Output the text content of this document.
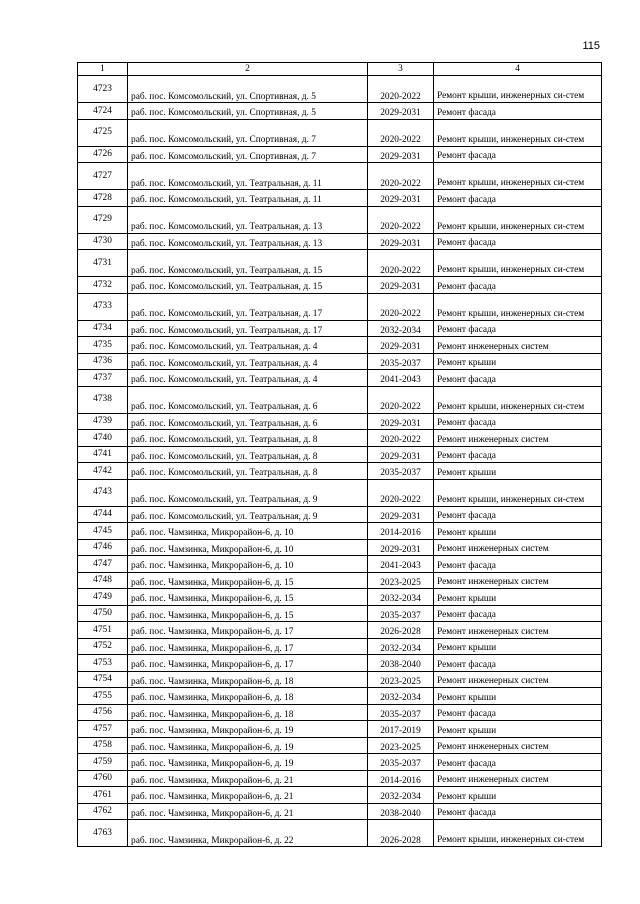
115
1	2	3	4
4723	раб. пос. Комсомольский, ул. Спортивная, д. 5	2020-2022	Ремонт крыши, инженерных си-стем
4724	раб. пос. Комсомольский, ул. Спортивная, д. 5	2029-2031	Ремонт фасада
4725	раб. пос. Комсомольский, ул. Спортивная, д. 7	2020-2022	Ремонт крыши, инженерных си-стем
4726	раб. пос. Комсомольский, ул. Спортивная, д. 7	2029-2031	Ремонт фасада
4727	раб. пос. Комсомольский, ул. Театральная, д. 11	2020-2022	Ремонт крыши, инженерных си-стем
4728	раб. пос. Комсомольский, ул. Театральная, д. 11	2029-2031	Ремонт фасада
4729	раб. пос. Комсомольский, ул. Театральная, д. 13	2020-2022	Ремонт крыши, инженерных си-стем
4730	раб. пос. Комсомольский, ул. Театральная, д. 13	2029-2031	Ремонт фасада
4731	раб. пос. Комсомольский, ул. Театральная, д. 15	2020-2022	Ремонт крыши, инженерных си-стем
4732	раб. пос. Комсомольский, ул. Театральная, д. 15	2029-2031	Ремонт фасада
4733	раб. пос. Комсомольский, ул. Театральная, д. 17	2020-2022	Ремонт крыши, инженерных си-стем
4734	раб. пос. Комсомольский, ул. Театральная, д. 17	2032-2034	Ремонт фасада
4735	раб. пос. Комсомольский, ул. Театральная, д. 4	2029-2031	Ремонт инженерных систем
4736	раб. пос. Комсомольский, ул. Театральная, д. 4	2035-2037	Ремонт крыши
4737	раб. пос. Комсомольский, ул. Театральная, д. 4	2041-2043	Ремонт фасада
4738	раб. пос. Комсомольский, ул. Театральная, д. 6	2020-2022	Ремонт крыши, инженерных си-стем
4739	раб. пос. Комсомольский, ул. Театральная, д. 6	2029-2031	Ремонт фасада
4740	раб. пос. Комсомольский, ул. Театральная, д. 8	2020-2022	Ремонт инженерных систем
4741	раб. пос. Комсомольский, ул. Театральная, д. 8	2029-2031	Ремонт фасада
4742	раб. пос. Комсомольский, ул. Театральная, д. 8	2035-2037	Ремонт крыши
4743	раб. пос. Комсомольский, ул. Театральная, д. 9	2020-2022	Ремонт крыши, инженерных си-стем
4744	раб. пос. Комсомольский, ул. Театральная, д. 9	2029-2031	Ремонт фасада
4745	раб. пос. Чамзинка, Микрорайон-6, д. 10	2014-2016	Ремонт крыши
4746	раб. пос. Чамзинка, Микрорайон-6, д. 10	2029-2031	Ремонт инженерных систем
4747	раб. пос. Чамзинка, Микрорайон-6, д. 10	2041-2043	Ремонт фасада
4748	раб. пос. Чамзинка, Микрорайон-6, д. 15	2023-2025	Ремонт инженерных систем
4749	раб. пос. Чамзинка, Микрорайон-6, д. 15	2032-2034	Ремонт крыши
4750	раб. пос. Чамзинка, Микрорайон-6, д. 15	2035-2037	Ремонт фасада
4751	раб. пос. Чамзинка, Микрорайон-6, д. 17	2026-2028	Ремонт инженерных систем
4752	раб. пос. Чамзинка, Микрорайон-6, д. 17	2032-2034	Ремонт крыши
4753	раб. пос. Чамзинка, Микрорайон-6, д. 17	2038-2040	Ремонт фасада
4754	раб. пос. Чамзинка, Микрорайон-6, д. 18	2023-2025	Ремонт инженерных систем
4755	раб. пос. Чамзинка, Микрорайон-6, д. 18	2032-2034	Ремонт крыши
4756	раб. пос. Чамзинка, Микрорайон-6, д. 18	2035-2037	Ремонт фасада
4757	раб. пос. Чамзинка, Микрорайон-6, д. 19	2017-2019	Ремонт крыши
4758	раб. пос. Чамзинка, Микрорайон-6, д. 19	2023-2025	Ремонт инженерных систем
4759	раб. пос. Чамзинка, Микрорайон-6, д. 19	2035-2037	Ремонт фасада
4760	раб. пос. Чамзинка, Микрорайон-6, д. 21	2014-2016	Ремонт инженерных систем
4761	раб. пос. Чамзинка, Микрорайон-6, д. 21	2032-2034	Ремонт крыши
4762	раб. пос. Чамзинка, Микрорайон-6, д. 21	2038-2040	Ремонт фасада
4763	раб. пос. Чамзинка, Микрорайон-6, д. 22	2026-2028	Ремонт крыши, инженерных си-стем
